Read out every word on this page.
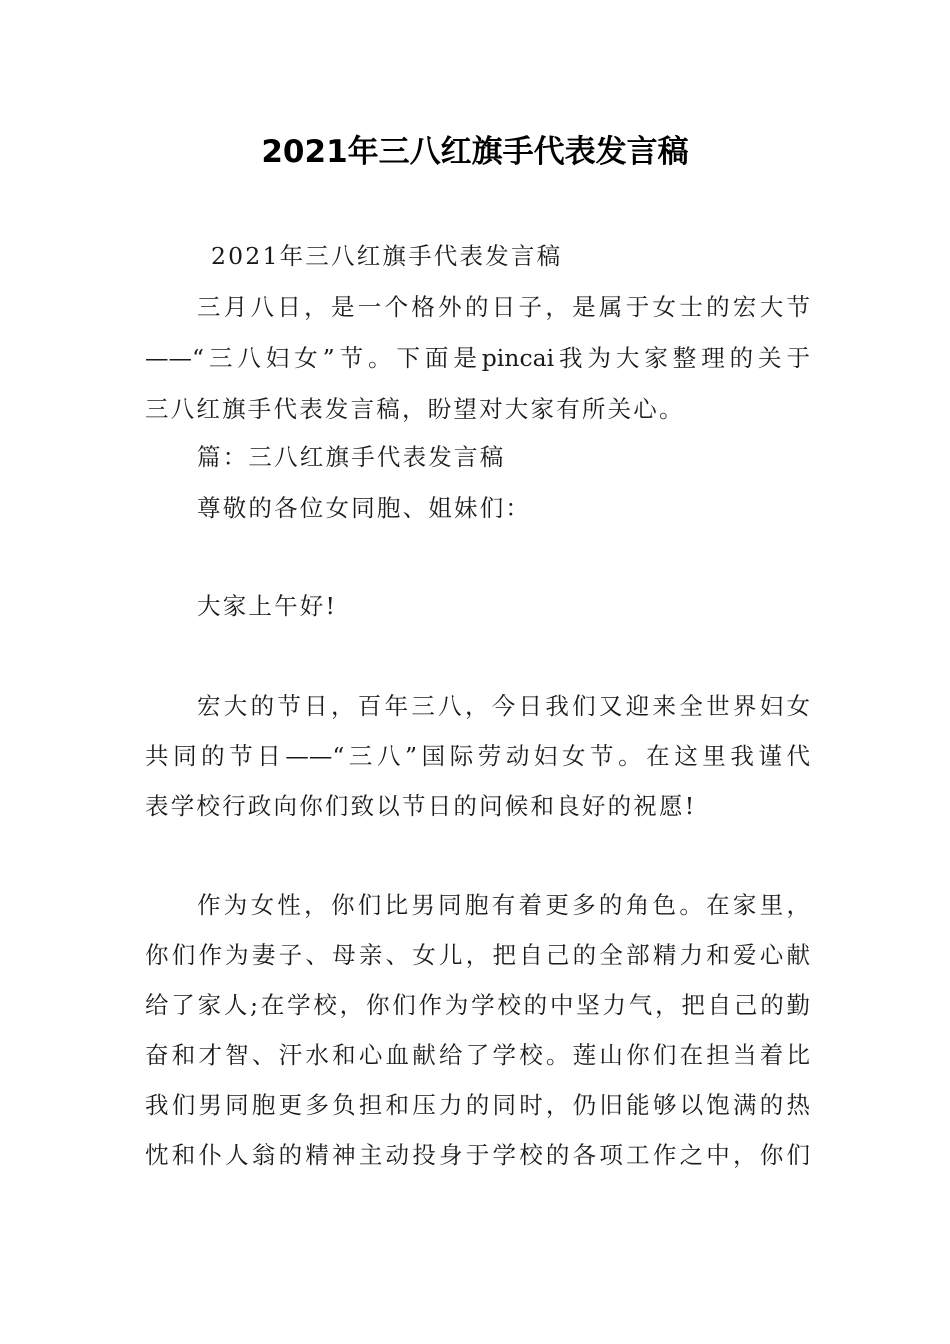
2021年三八红旗手代表发言稿
2021年三八红旗手代表发言稿
三月八日，是一个格外的日子，是属于女士的宏大节
——“三八妇女”节。下面是pincai我为大家整理的关于
三八红旗手代表发言稿，盼望对大家有所关心。
篇：三八红旗手代表发言稿
尊敬的各位女同胞、姐妹们：
大家上午好!
宏大的节日，百年三八，今日我们又迎来全世界妇女
共同的节日——“三八”国际劳动妇女节。在这里我谨代
表学校行政向你们致以节日的问候和良好的祝愿!
作为女性，你们比男同胞有着更多的角色。在家里，
你们作为妻子、母亲、女儿，把自己的全部精力和爱心献
给了家人;在学校，你们作为学校的中坚力气，把自己的勤
奋和才智、汗水和心血献给了学校。莲山你们在担当着比
我们男同胞更多负担和压力的同时，仍旧能够以饱满的热
忱和仆人翁的精神主动投身于学校的各项工作之中，你们
